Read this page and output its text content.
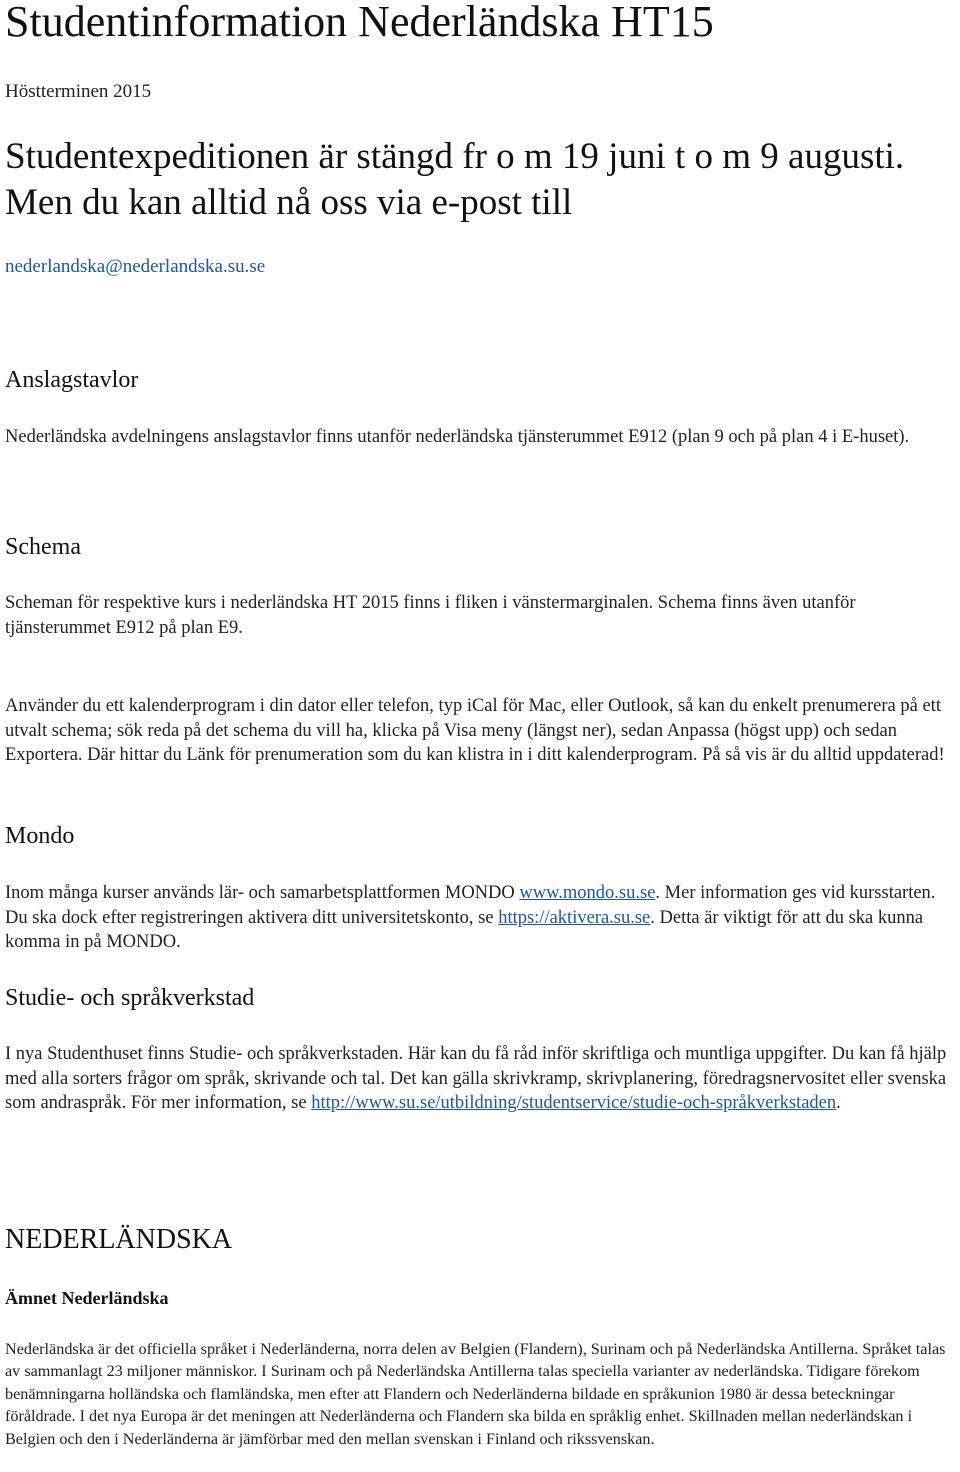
Studentinformation Nederländska HT15

Höstterminen 2015

Studentexpeditionen är stängd fr o m 19 juni t o m 9 augusti. Men du kan alltid nå oss via e-post till

nederlandska@nederlandska.su.se

Anslagstavlor

Nederländska avdelningens anslagstavlor finns utanför nederländska tjänsterummet E912 (plan 9 och på plan 4 i E-huset).

Schema

Scheman för respektive kurs i nederländska HT 2015 finns i fliken i vänstermarginalen. Schema finns även utanför tjänsterummet E912 på plan E9.

Använder du ett kalenderprogram i din dator eller telefon, typ iCal för Mac, eller Outlook, så kan du enkelt prenumerera på ett utvalt schema; sök reda på det schema du vill ha, klicka på Visa meny (längst ner), sedan Anpassa (högst upp) och sedan Exportera. Där hittar du Länk för prenumeration som du kan klistra in i ditt kalenderprogram. På så vis är du alltid uppdaterad!

Mondo

Inom många kurser används lär- och samarbetsplattformen MONDO www.mondo.su.se. Mer information ges vid kursstarten. Du ska dock efter registreringen aktivera ditt universitetskonto, se https://aktivera.su.se. Detta är viktigt för att du ska kunna komma in på MONDO.

Studie- och språkverkstad

I nya Studenthuset finns Studie- och språkverkstaden. Här kan du få råd inför skriftliga och muntliga uppgifter. Du kan få hjälp med alla sorters frågor om språk, skrivande och tal. Det kan gälla skrivkramp, skrivplanering, föredragsnervositet eller svenska som andraspråk. För mer information, se http://www.su.se/utbildning/studentservice/studie-och-språkverkstaden.

NEDERLÄNDSKA
Ämnet Nederländska

Nederländska är det officiella språket i Nederländerna, norra delen av Belgien (Flandern), Surinam och på Nederländska Antillerna. Språket talas av sammanlagt 23 miljoner människor. I Surinam och på Nederländska Antillerna talas speciella varianter av nederländska. Tidigare förekom benämningarna holländska och flamländska, men efter att Flandern och Nederländerna bildade en språkunion 1980 är dessa beteckningar föråldrade. I det nya Europa är det meningen att Nederländerna och Flandern ska bilda en språklig enhet. Skillnaden mellan nederländskan i Belgien och den i Nederländerna är jämförbar med den mellan svenskan i Finland och rikssvenskan.
